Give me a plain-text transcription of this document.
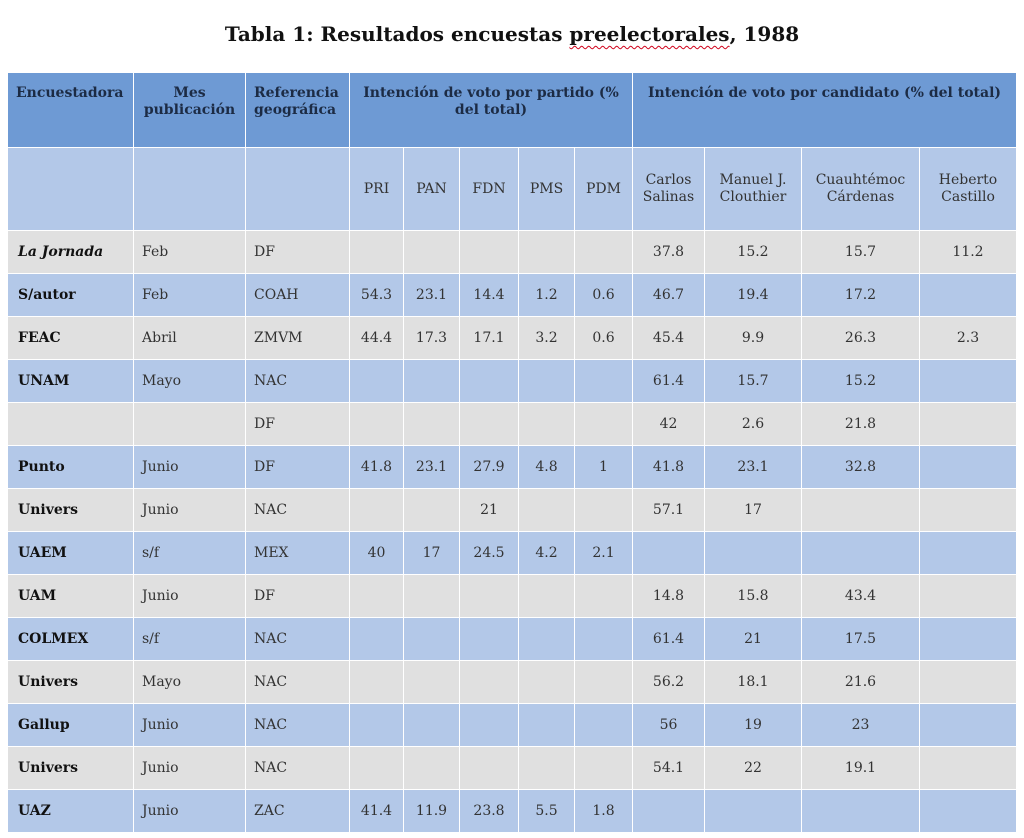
Tabla 1: Resultados encuestas preelectorales, 1988
Encuestadora	Mes publicación	Referencia geográfica	Intención de voto por partido (% del total)					Intención de voto por candidato (% del total)			
			PRI	PAN	FDN	PMS	PDM	Carlos Salinas	Manuel J. Clouthier	Cuauhtémoc Cárdenas	Heberto Castillo
La Jornada	Feb	DF						37.8	15.2	15.7	11.2
S/autor	Feb	COAH	54.3	23.1	14.4	1.2	0.6	46.7	19.4	17.2	
FEAC	Abril	ZMVM	44.4	17.3	17.1	3.2	0.6	45.4	9.9	26.3	2.3
UNAM	Mayo	NAC						61.4	15.7	15.2	
		DF						42	2.6	21.8	
Punto	Junio	DF	41.8	23.1	27.9	4.8	1	41.8	23.1	32.8	
Univers	Junio	NAC			21			57.1	17		
UAEM	s/f	MEX	40	17	24.5	4.2	2.1				
UAM	Junio	DF						14.8	15.8	43.4	
COLMEX	s/f	NAC						61.4	21	17.5	
Univers	Mayo	NAC						56.2	18.1	21.6	
Gallup	Junio	NAC						56	19	23	
Univers	Junio	NAC						54.1	22	19.1	
UAZ	Junio	ZAC	41.4	11.9	23.8	5.5	1.8				
